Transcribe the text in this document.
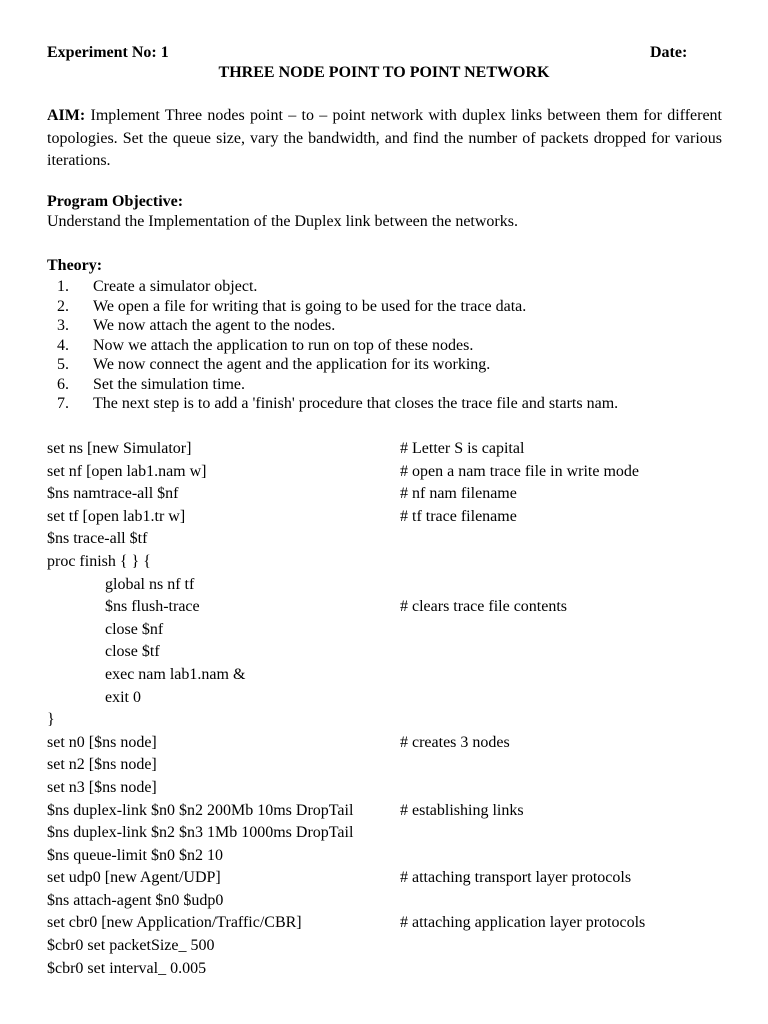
Experiment No: 1	Date:
THREE NODE POINT TO POINT NETWORK
AIM: Implement Three nodes point – to – point network with duplex links between them for different topologies. Set the queue size, vary the bandwidth, and find the number of packets dropped for various iterations.
Program Objective:
Understand the Implementation of the Duplex link between the networks.
Theory:
1. Create a simulator object.
2. We open a file for writing that is going to be used for the trace data.
3. We now attach the agent to the nodes.
4. Now we attach the application to run on top of these nodes.
5. We now connect the agent and the application for its working.
6. Set the simulation time.
7. The next step is to add a 'finish' procedure that closes the trace file and starts nam.
set ns [new Simulator]	# Letter S is capital
set nf [open lab1.nam w]	# open a nam trace file in write mode
$ns namtrace-all $nf	# nf nam filename
set tf [open lab1.tr w]	# tf trace filename
$ns trace-all $tf
proc finish { } {
global ns nf tf
$ns flush-trace	# clears trace file contents
close $nf
close $tf
exec nam lab1.nam &
exit 0
}
set n0 [$ns node]	# creates 3 nodes
set n2 [$ns node]
set n3 [$ns node]
$ns duplex-link $n0 $n2 200Mb 10ms DropTail	# establishing links
$ns duplex-link $n2 $n3 1Mb 1000ms DropTail
$ns queue-limit $n0 $n2 10
set udp0 [new Agent/UDP]	# attaching transport layer protocols
$ns attach-agent $n0 $udp0
set cbr0 [new Application/Traffic/CBR]	# attaching application layer protocols
$cbr0 set packetSize_ 500
$cbr0 set interval_ 0.005
